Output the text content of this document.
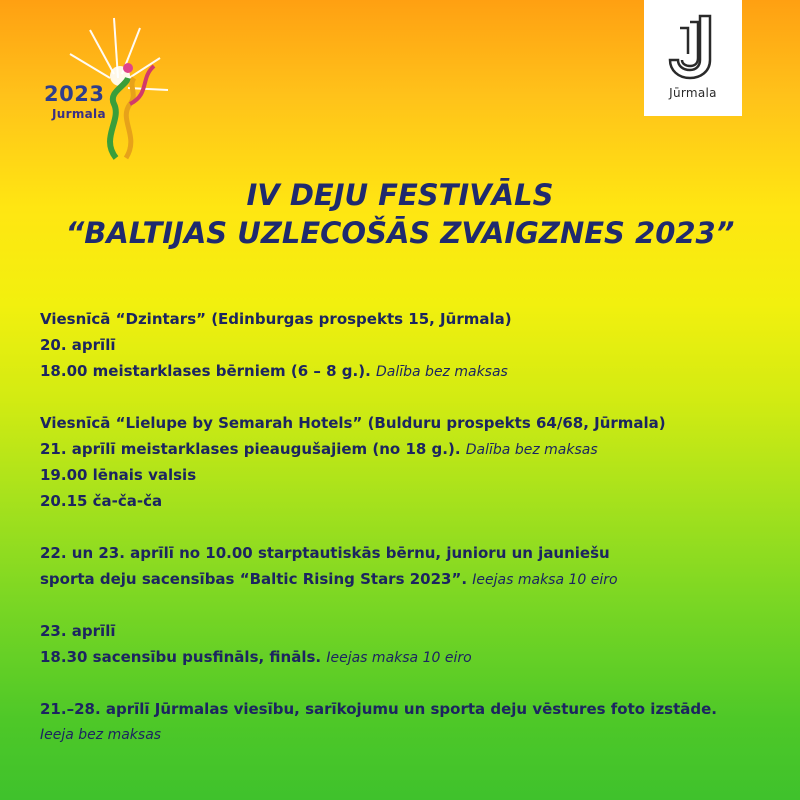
2023
Jurmala
Jūrmala
IV DEJU FESTIVĀLS
“BALTIJAS UZLECOŠĀS ZVAIGZNES 2023”
Viesnīcā “Dzintars” (Edinburgas prospekts 15, Jūrmala)
20. aprīlī
18.00 meistarklases bērniem (6 – 8 g.). Dalība bez maksas
Viesnīcā “Lielupe by Semarah Hotels” (Bulduru prospekts 64/68, Jūrmala)
21. aprīlī meistarklases pieaugušajiem (no 18 g.). Dalība bez maksas
19.00 lēnais valsis
20.15 ča-ča-ča
22. un 23. aprīlī no 10.00 starptautiskās bērnu, junioru un jauniešu
sporta deju sacensības “Baltic Rising Stars 2023”. Ieejas maksa 10 eiro
23. aprīlī
18.30 sacensību pusfināls, fināls. Ieejas maksa 10 eiro
21.–28. aprīlī Jūrmalas viesību, sarīkojumu un sporta deju vēstures foto izstāde.
Ieeja bez maksas
